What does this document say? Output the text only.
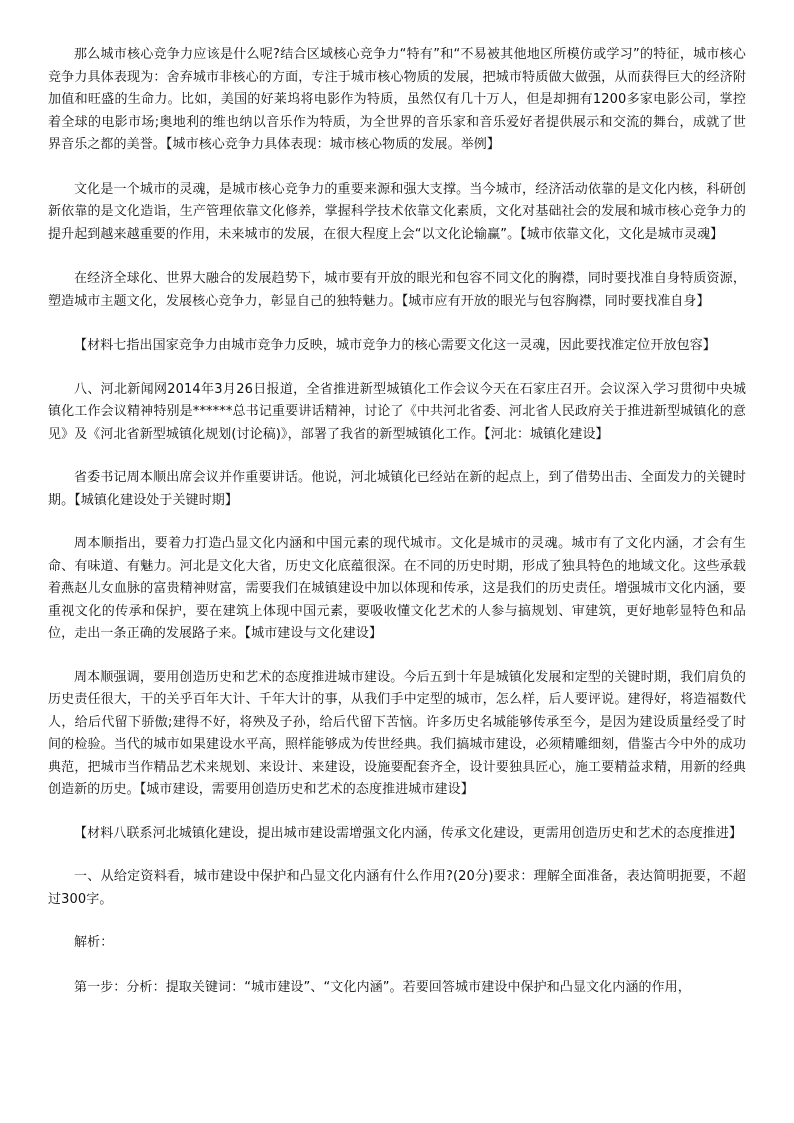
那么城市核心竞争力应该是什么呢?结合区域核心竞争力“特有”和“不易被其他地区所模仿或学习”的特征，城市核心竞争力具体表现为：舍弃城市非核心的方面，专注于城市核心物质的发展，把城市特质做大做强，从而获得巨大的经济附加值和旺盛的生命力。比如，美国的好莱坞将电影作为特质，虽然仅有几十万人，但是却拥有1200多家电影公司，掌控着全球的电影市场;奥地利的维也纳以音乐作为特质，为全世界的音乐家和音乐爱好者提供展示和交流的舞台，成就了世界音乐之都的美誉。【城市核心竞争力具体表现：城市核心物质的发展。举例】

文化是一个城市的灵魂，是城市核心竞争力的重要来源和强大支撑。当今城市，经济活动依靠的是文化内核，科研创新依靠的是文化造诣，生产管理依靠文化修养，掌握科学技术依靠文化素质，文化对基础社会的发展和城市核心竞争力的提升起到越来越重要的作用，未来城市的发展，在很大程度上会“以文化论输赢”。【城市依靠文化，文化是城市灵魂】

在经济全球化、世界大融合的发展趋势下，城市要有开放的眼光和包容不同文化的胸襟，同时要找准自身特质资源，塑造城市主题文化，发展核心竞争力，彰显自己的独特魅力。【城市应有开放的眼光与包容胸襟，同时要找准自身】

【材料七指出国家竞争力由城市竞争力反映，城市竞争力的核心需要文化这一灵魂，因此要找准定位开放包容】

八、河北新闻网2014年3月26日报道，全省推进新型城镇化工作会议今天在石家庄召开。会议深入学习贯彻中央城镇化工作会议精神特别是******总书记重要讲话精神，讨论了《中共河北省委、河北省人民政府关于推进新型城镇化的意见》及《河北省新型城镇化规划(讨论稿)》，部署了我省的新型城镇化工作。【河北：城镇化建设】

省委书记周本顺出席会议并作重要讲话。他说，河北城镇化已经站在新的起点上，到了借势出击、全面发力的关键时期。【城镇化建设处于关键时期】

周本顺指出，要着力打造凸显文化内涵和中国元素的现代城市。文化是城市的灵魂。城市有了文化内涵，才会有生命、有味道、有魅力。河北是文化大省，历史文化底蕴很深。在不同的历史时期，形成了独具特色的地域文化。这些承载着燕赵儿女血脉的富贵精神财富，需要我们在城镇建设中加以体现和传承，这是我们的历史责任。增强城市文化内涵，要重视文化的传承和保护，要在建筑上体现中国元素，要吸收懂文化艺术的人参与搞规划、审建筑，更好地彰显特色和品位，走出一条正确的发展路子来。【城市建设与文化建设】

周本顺强调，要用创造历史和艺术的态度推进城市建设。今后五到十年是城镇化发展和定型的关键时期，我们肩负的历史责任很大，干的关乎百年大计、千年大计的事，从我们手中定型的城市，怎么样，后人要评说。建得好，将造福数代人，给后代留下骄傲;建得不好，将殃及子孙，给后代留下苦恼。许多历史名城能够传承至今，是因为建设质量经受了时间的检验。当代的城市如果建设水平高，照样能够成为传世经典。我们搞城市建设，必须精雕细刻，借鉴古今中外的成功典范，把城市当作精品艺术来规划、来设计、来建设，设施要配套齐全，设计要独具匠心，施工要精益求精，用新的经典创造新的历史。【城市建设，需要用创造历史和艺术的态度推进城市建设】

【材料八联系河北城镇化建设，提出城市建设需增强文化内涵，传承文化建设，更需用创造历史和艺术的态度推进】

一、从给定资料看，城市建设中保护和凸显文化内涵有什么作用?(20分)要求：理解全面准备，表达简明扼要，不超过300字。

解析：

第一步：分析：提取关键词：“城市建设”、“文化内涵”。若要回答城市建设中保护和凸显文化内涵的作用，
